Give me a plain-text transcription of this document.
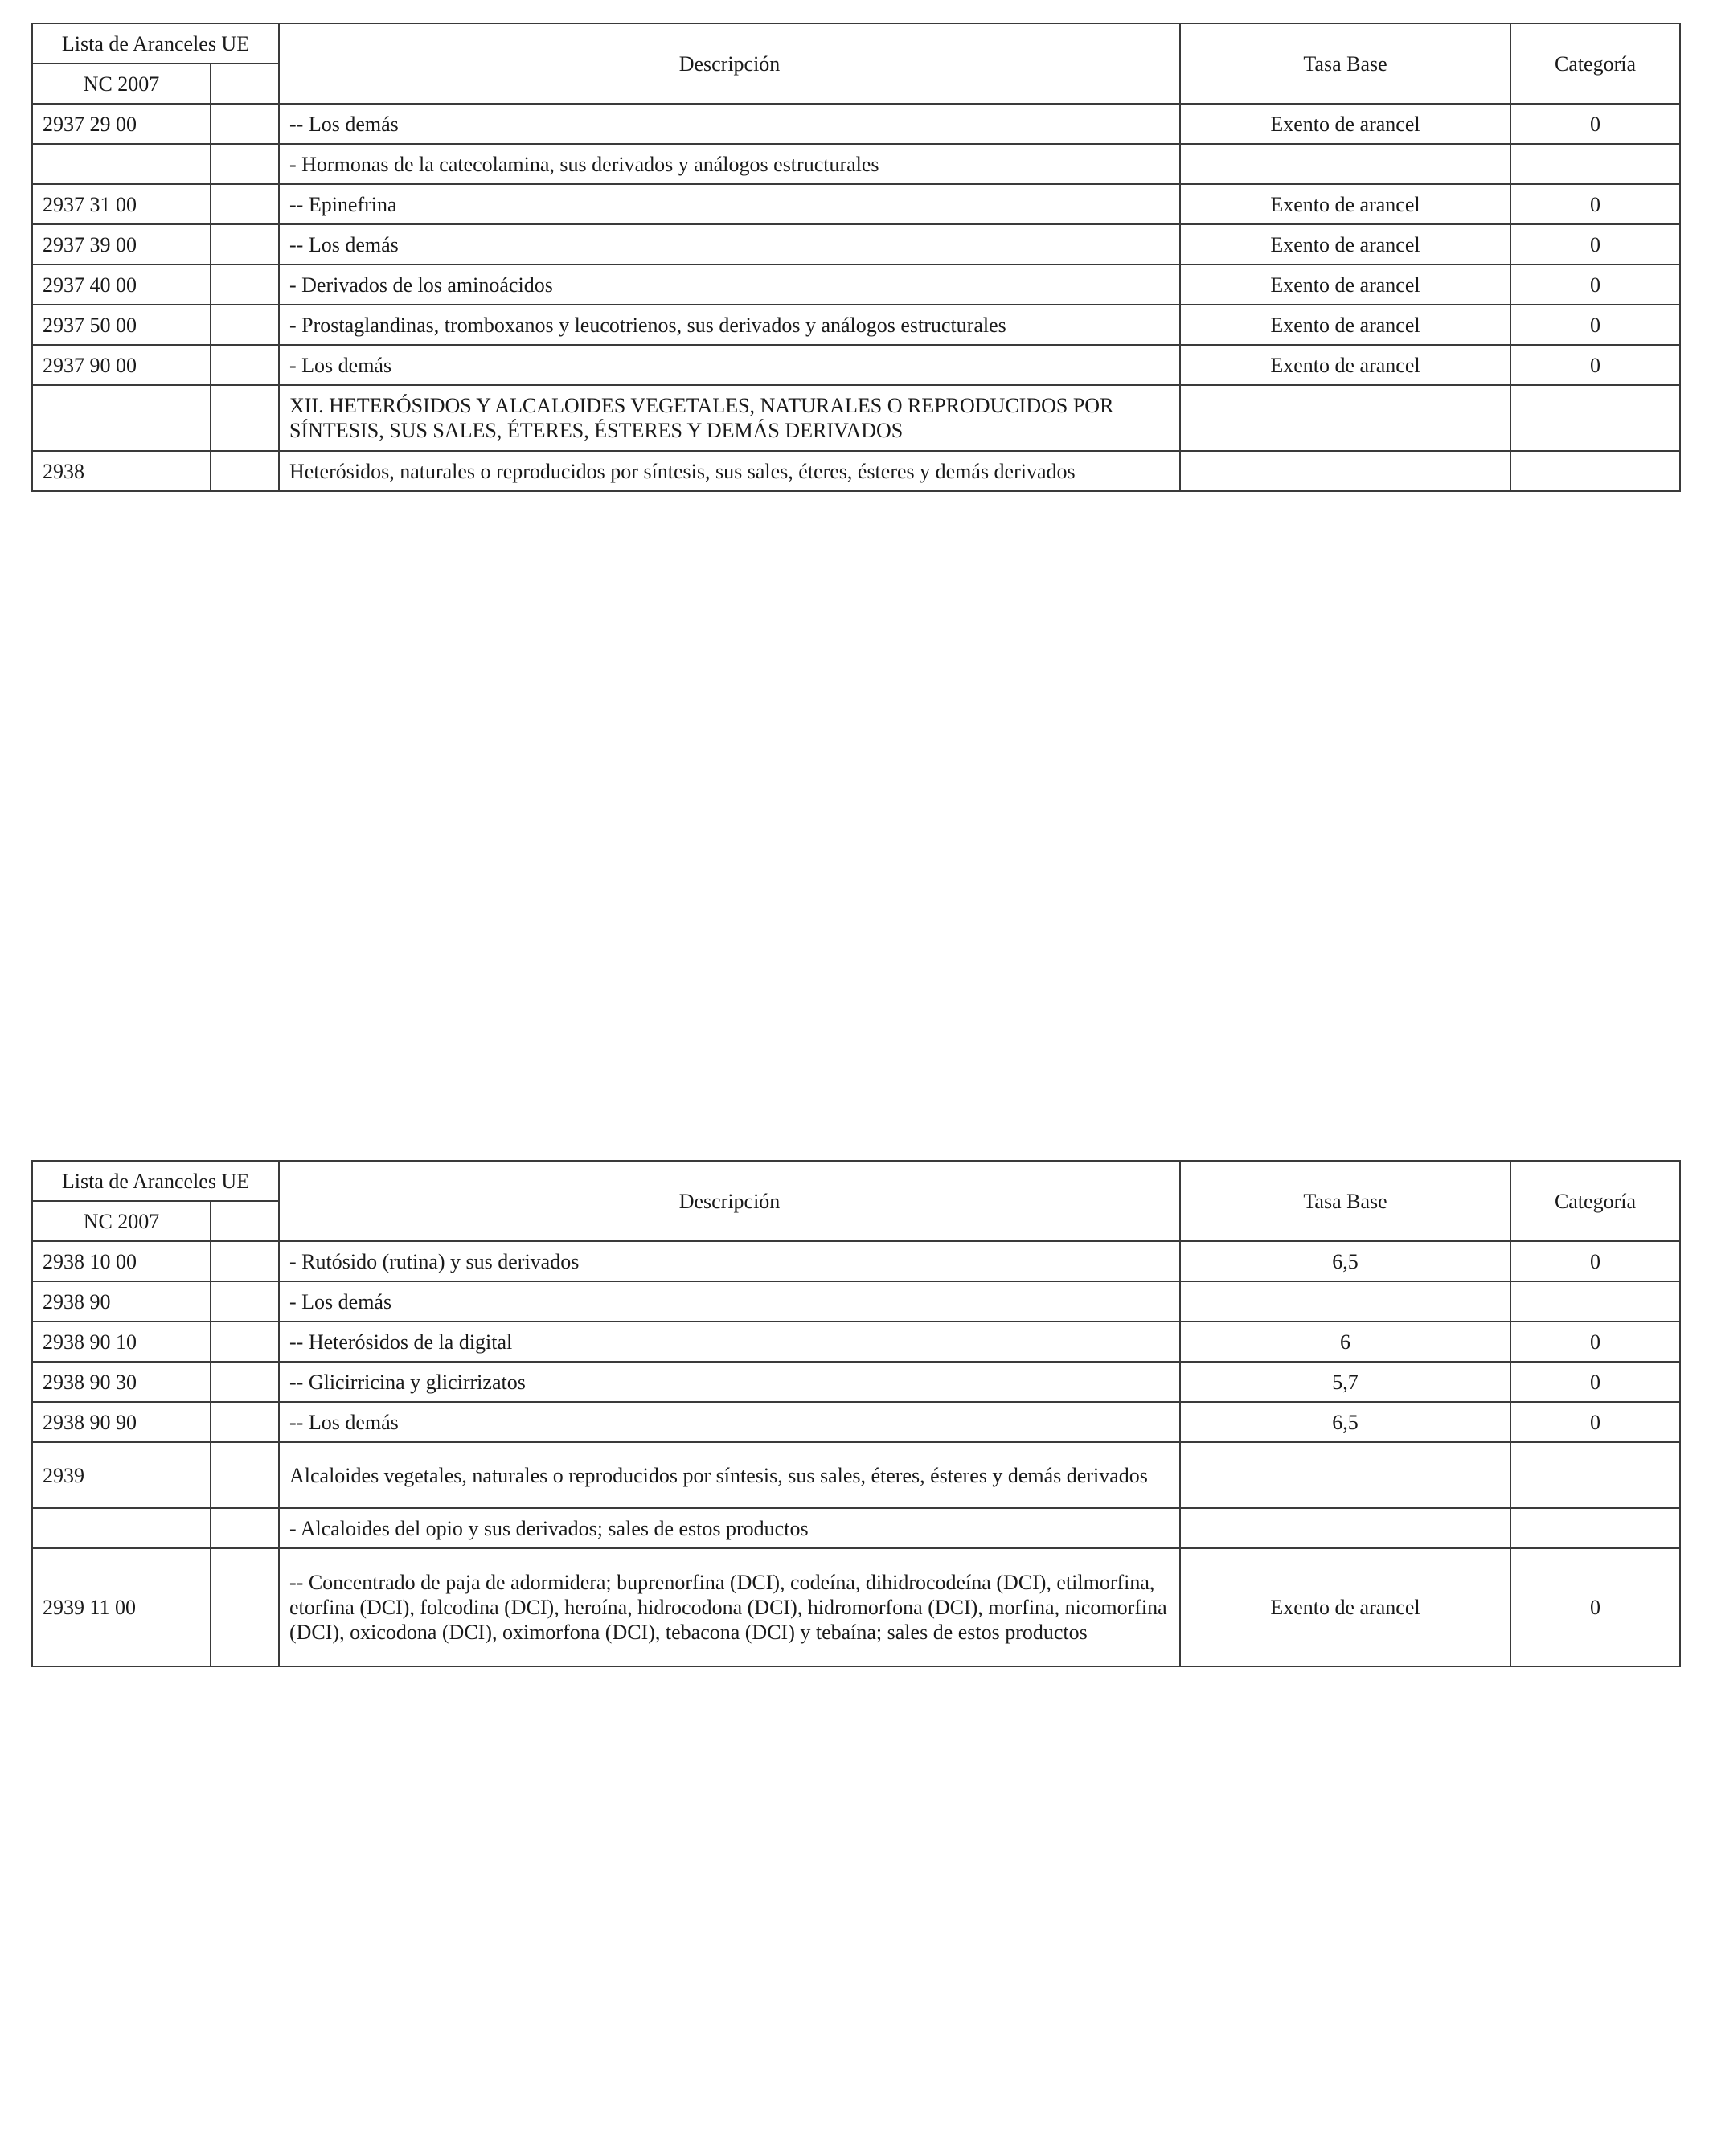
Lista de Aranceles UE		Descripción	Tasa Base	Categoría
NC 2007				
2937 29 00		-- Los demás	Exento de arancel	0
		- Hormonas de la catecolamina, sus derivados y análogos estructurales		
2937 31 00		-- Epinefrina	Exento de arancel	0
2937 39 00		-- Los demás	Exento de arancel	0
2937 40 00		- Derivados de los aminoácidos	Exento de arancel	0
2937 50 00		- Prostaglandinas, tromboxanos y leucotrienos, sus derivados y análogos estructurales	Exento de arancel	0
2937 90 00		- Los demás	Exento de arancel	0
		XII. HETERÓSIDOS Y ALCALOIDES VEGETALES, NATURALES O REPRODUCIDOS POR SÍNTESIS, SUS SALES, ÉTERES, ÉSTERES Y DEMÁS DERIVADOS		
2938		Heterósidos, naturales o reproducidos por síntesis, sus sales, éteres, ésteres y demás derivados		
Lista de Aranceles UE		Descripción	Tasa Base	Categoría
NC 2007				
2938 10 00		- Rutósido (rutina) y sus derivados	6,5	0
2938 90		- Los demás		
2938 90 10		-- Heterósidos de la digital	6	0
2938 90 30		-- Glicirricina y glicirrizatos	5,7	0
2938 90 90		-- Los demás	6,5	0
2939		Alcaloides vegetales, naturales o reproducidos por síntesis, sus sales, éteres, ésteres y demás derivados		
		- Alcaloides del opio y sus derivados; sales de estos productos		
2939 11 00		-- Concentrado de paja de adormidera; buprenorfina (DCI), codeína, dihidrocodeína (DCI), etilmorfina, etorfina (DCI), folcodina (DCI), heroína, hidrocodona (DCI), hidromorfona (DCI), morfina, nicomorfina (DCI), oxicodona (DCI), oximorfona (DCI), tebacona (DCI) y tebaína; sales de estos productos	Exento de arancel	0
